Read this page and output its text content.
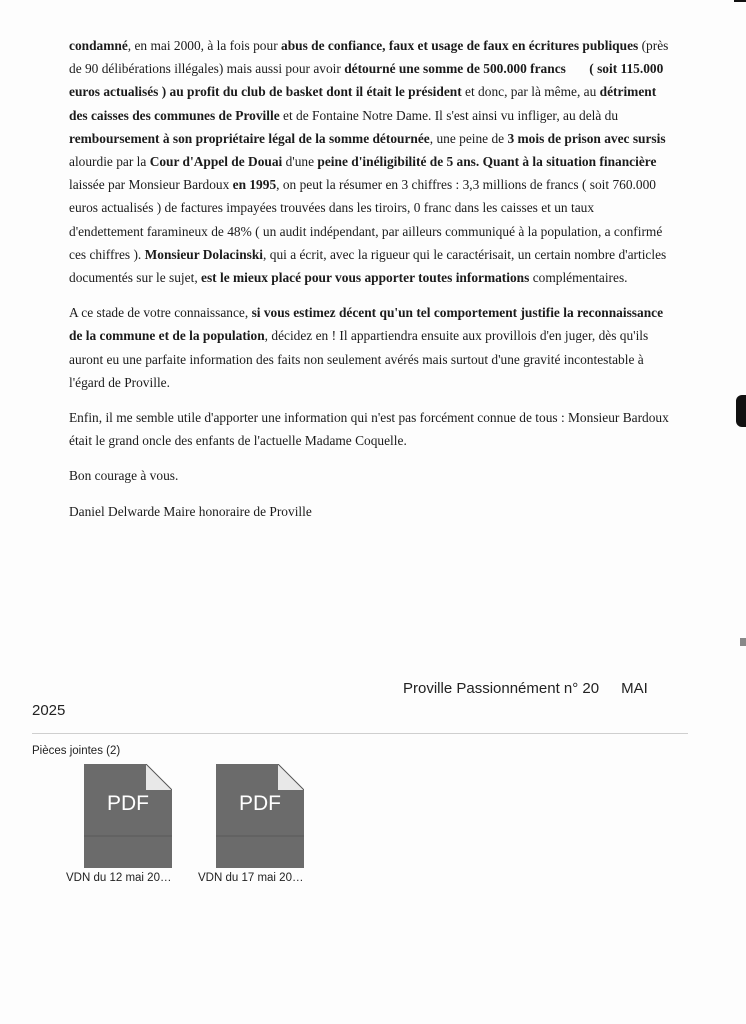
condamné, en mai 2000, à la fois pour abus de confiance, faux et usage de faux en écritures publiques (près de 90 délibérations illégales) mais aussi pour avoir détourné une somme de 500.000 francs       ( soit 115.000 euros actualisés ) au profit du club de basket dont il était le président et donc, par là même, au détriment des caisses des communes de Proville et de Fontaine Notre Dame. Il s'est ainsi vu infliger, au delà du remboursement à son propriétaire légal de la somme détournée, une peine de 3 mois de prison avec sursis alourdie par la Cour d'Appel de Douai d'une peine d'inéligibilité de 5 ans. Quant à la situation financière laissée par Monsieur Bardoux en 1995, on peut la résumer en 3 chiffres : 3,3 millions de francs ( soit 760.000 euros actualisés ) de factures impayées trouvées dans les tiroirs, 0 franc dans les caisses et un taux d'endettement faramineux de 48% ( un audit indépendant, par ailleurs communiqué à la population, a confirmé ces chiffres ). Monsieur Dolacinski, qui a écrit, avec la rigueur qui le caractérisait, un certain nombre d'articles documentés sur le sujet, est le mieux placé pour vous apporter toutes informations complémentaires.

A ce stade de votre connaissance, si vous estimez décent qu'un tel comportement justifie la reconnaissance de la commune et de la population, décidez en ! Il appartiendra ensuite aux provillois d'en juger, dès qu'ils auront eu une parfaite information des faits non seulement avérés mais surtout d'une gravité incontestable à l'égard de Proville.

Enfin, il me semble utile d'apporter une information qui n'est pas forcément connue de tous : Monsieur Bardoux était le grand oncle des enfants de l'actuelle Madame Coquelle.

Bon courage à vous.

Daniel Delwarde Maire honoraire de Proville

Proville Passionnément n° 20 MAI
2025
Pièces jointes (2)
PDF
VDN du 12 mai 20…
PDF
VDN du 17 mai 20…
